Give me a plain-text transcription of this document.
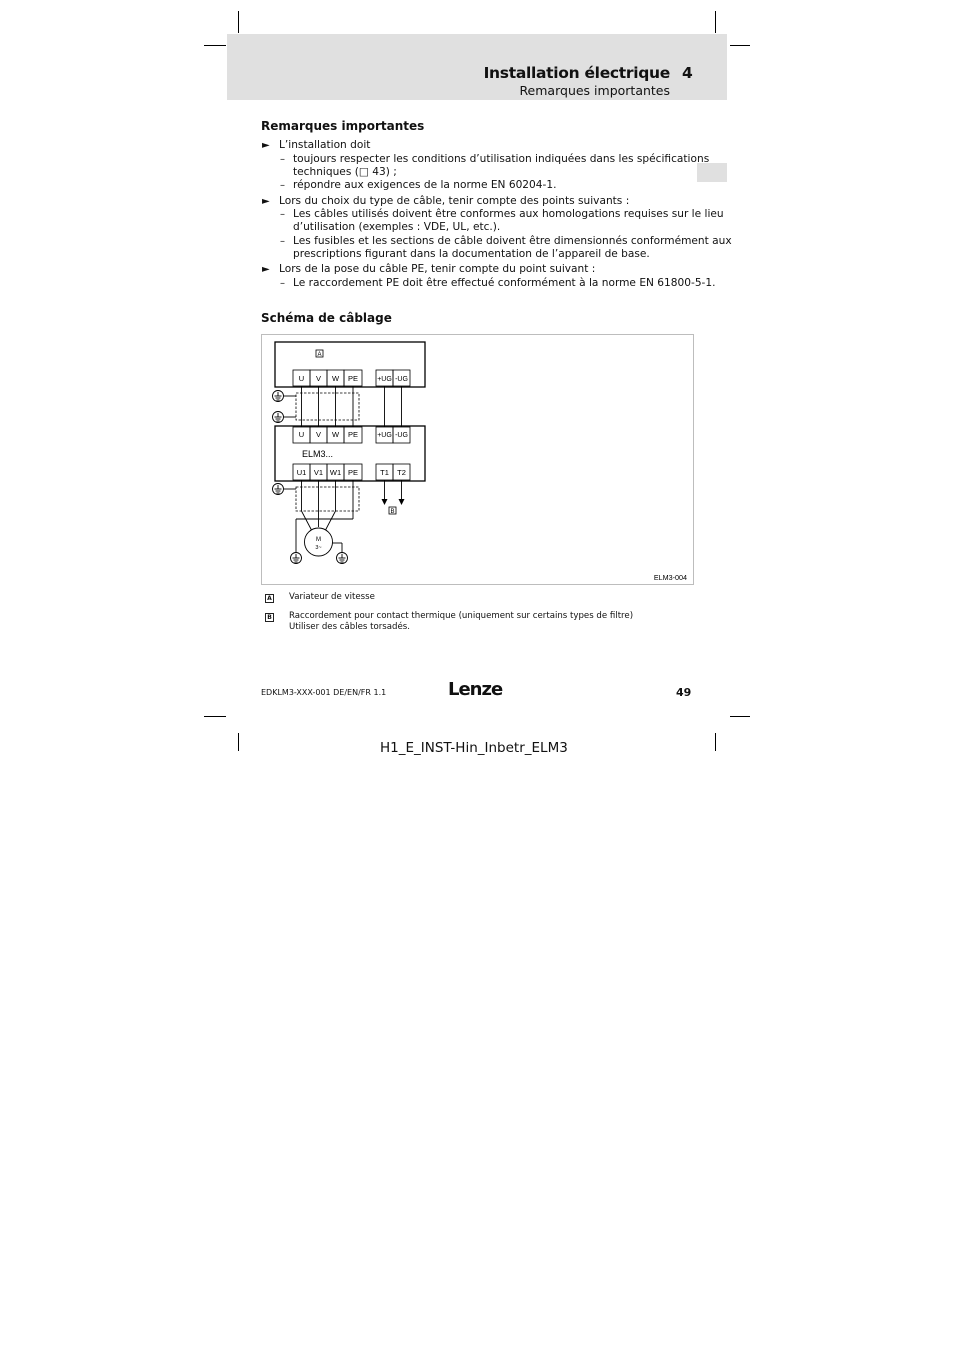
Installation électrique 4
Remarques importantes
Remarques importantes
► L’installation doit
– toujours respecter les conditions d’utilisation indiquées dans les spécifications
techniques (□ 43) ;
– répondre aux exigences de la norme EN 60204-1.
► Lors du choix du type de câble, tenir compte des points suivants :
– Les câbles utilisés doivent être conformes aux homologations requises sur le lieu
d’utilisation (exemples : VDE, UL, etc.).
– Les fusibles et les sections de câble doivent être dimensionnés conformément aux
prescriptions figurant dans la documentation de l’appareil de base.
► Lors de la pose du câble PE, tenir compte du point suivant :
– Le raccordement PE doit être effectué conformément à la norme EN 61800-5-1.
Schéma de câblage
A
U V W PE	+UG -UG
U V W PE	+UG -UG
ELM3...
U1 V1 W1 PE	T1 T2
B
M
3~
ELM3-004
A Variateur de vitesse
B Raccordement pour contact thermique (uniquement sur certains types de filtre)
Utiliser des câbles torsadés.
EDKLM3-XXX-001 DE/EN/FR 1.1	Lenze	49
H1_E_INST-Hin_Inbetr_ELM3
